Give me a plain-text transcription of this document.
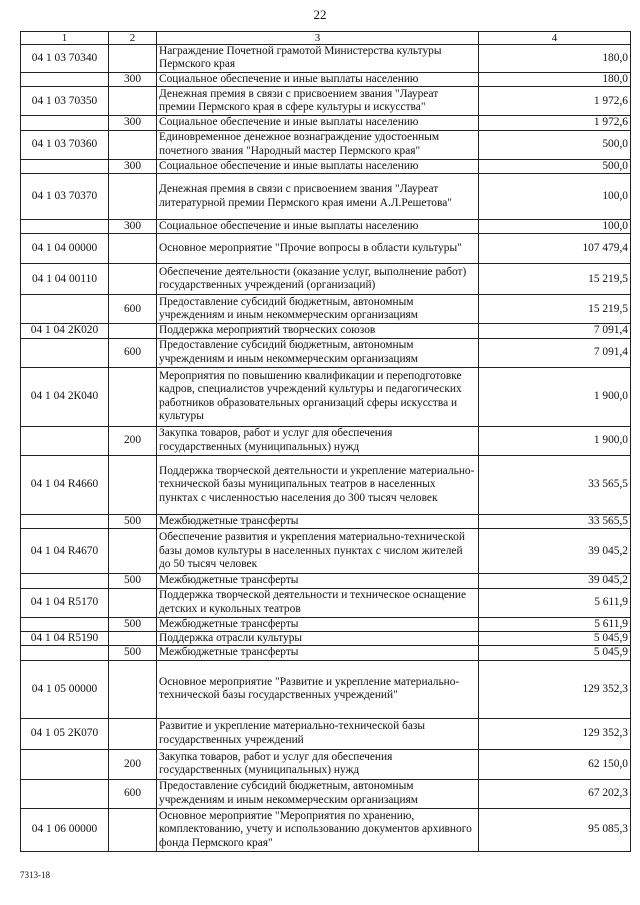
22
1	2	3	4
04 1 03 70340		Награждение Почетной грамотой Министерства культуры Пермского края	180,0
	300	Социальное обеспечение и иные выплаты населению	180,0
04 1 03 70350		Денежная премия в связи с присвоением звания "Лауреат премии Пермского края в сфере культуры и искусства"	1 972,6
	300	Социальное обеспечение и иные выплаты населению	1 972,6
04 1 03 70360		Единовременное денежное вознаграждение удостоенным почетного звания "Народный мастер Пермского края"	500,0
	300	Социальное обеспечение и иные выплаты населению	500,0
04 1 03 70370		Денежная премия в связи с присвоением звания "Лауреат литературной премии Пермского края имени А.Л.Решетова"	100,0
	300	Социальное обеспечение и иные выплаты населению	100,0
04 1 04 00000		Основное мероприятие "Прочие вопросы в области культуры"	107 479,4
04 1 04 00110		Обеспечение деятельности (оказание услуг, выполнение работ) государственных учреждений (организаций)	15 219,5
	600	Предоставление субсидий бюджетным, автономным учреждениям и иным некоммерческим организациям	15 219,5
04 1 04 2К020		Поддержка мероприятий творческих союзов	7 091,4
	600	Предоставление субсидий бюджетным, автономным учреждениям и иным некоммерческим организациям	7 091,4
04 1 04 2К040		Мероприятия по повышению квалификации и переподготовке кадров, специалистов учреждений культуры и педагогических работников образовательных организаций сферы искусства и культуры	1 900,0
	200	Закупка товаров, работ и услуг для обеспечения государственных (муниципальных) нужд	1 900,0
04 1 04 R4660		Поддержка творческой деятельности и укрепление материально-технической базы муниципальных театров в населенных пунктах с численностью населения до 300 тысяч человек	33 565,5
	500	Межбюджетные трансферты	33 565,5
04 1 04 R4670		Обеспечение развития и укрепления материально-технической базы домов культуры в населенных пунктах с числом жителей до 50 тысяч человек	39 045,2
	500	Межбюджетные трансферты	39 045,2
04 1 04 R5170		Поддержка творческой деятельности и техническое оснащение детских и кукольных театров	5 611,9
	500	Межбюджетные трансферты	5 611,9
04 1 04 R5190		Поддержка отрасли культуры	5 045,9
	500	Межбюджетные трансферты	5 045,9
04 1 05 00000		Основное мероприятие "Развитие и укрепление материально-технической базы государственных учреждений"	129 352,3
04 1 05 2К070		Развитие и укрепление материально-технической базы государственных учреждений	129 352,3
	200	Закупка товаров, работ и услуг для обеспечения государственных (муниципальных) нужд	62 150,0
	600	Предоставление субсидий бюджетным, автономным учреждениям и иным некоммерческим организациям	67 202,3
04 1 06 00000		Основное мероприятие "Мероприятия по хранению, комплектованию, учету и использованию документов архивного фонда Пермского края"	95 085,3
7313-18
